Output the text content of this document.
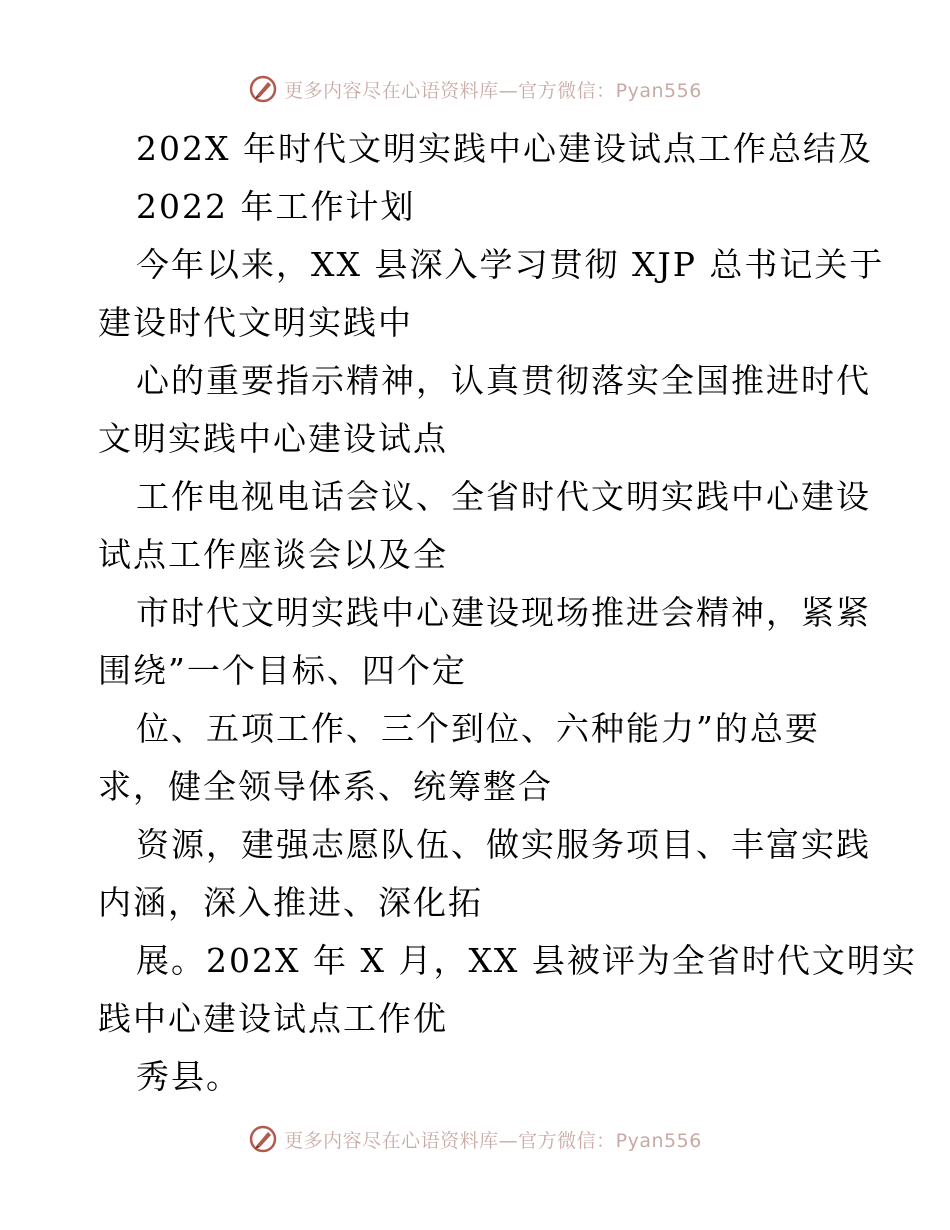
更多内容尽在心语资料库—官方微信：Pyan556
202X 年时代文明实践中心建设试点工作总结及
2022 年工作计划
今年以来，XX 县深入学习贯彻 XJP 总书记关于
建设时代文明实践中
心的重要指示精神，认真贯彻落实全国推进时代
文明实践中心建设试点
工作电视电话会议、全省时代文明实践中心建设
试点工作座谈会以及全
市时代文明实践中心建设现场推进会精神，紧紧
围绕”一个目标、四个定
位、五项工作、三个到位、六种能力”的总要
求，健全领导体系、统筹整合
资源，建强志愿队伍、做实服务项目、丰富实践
内涵，深入推进、深化拓
展。202X 年 X 月，XX 县被评为全省时代文明实
践中心建设试点工作优
秀县。
更多内容尽在心语资料库—官方微信：Pyan556
